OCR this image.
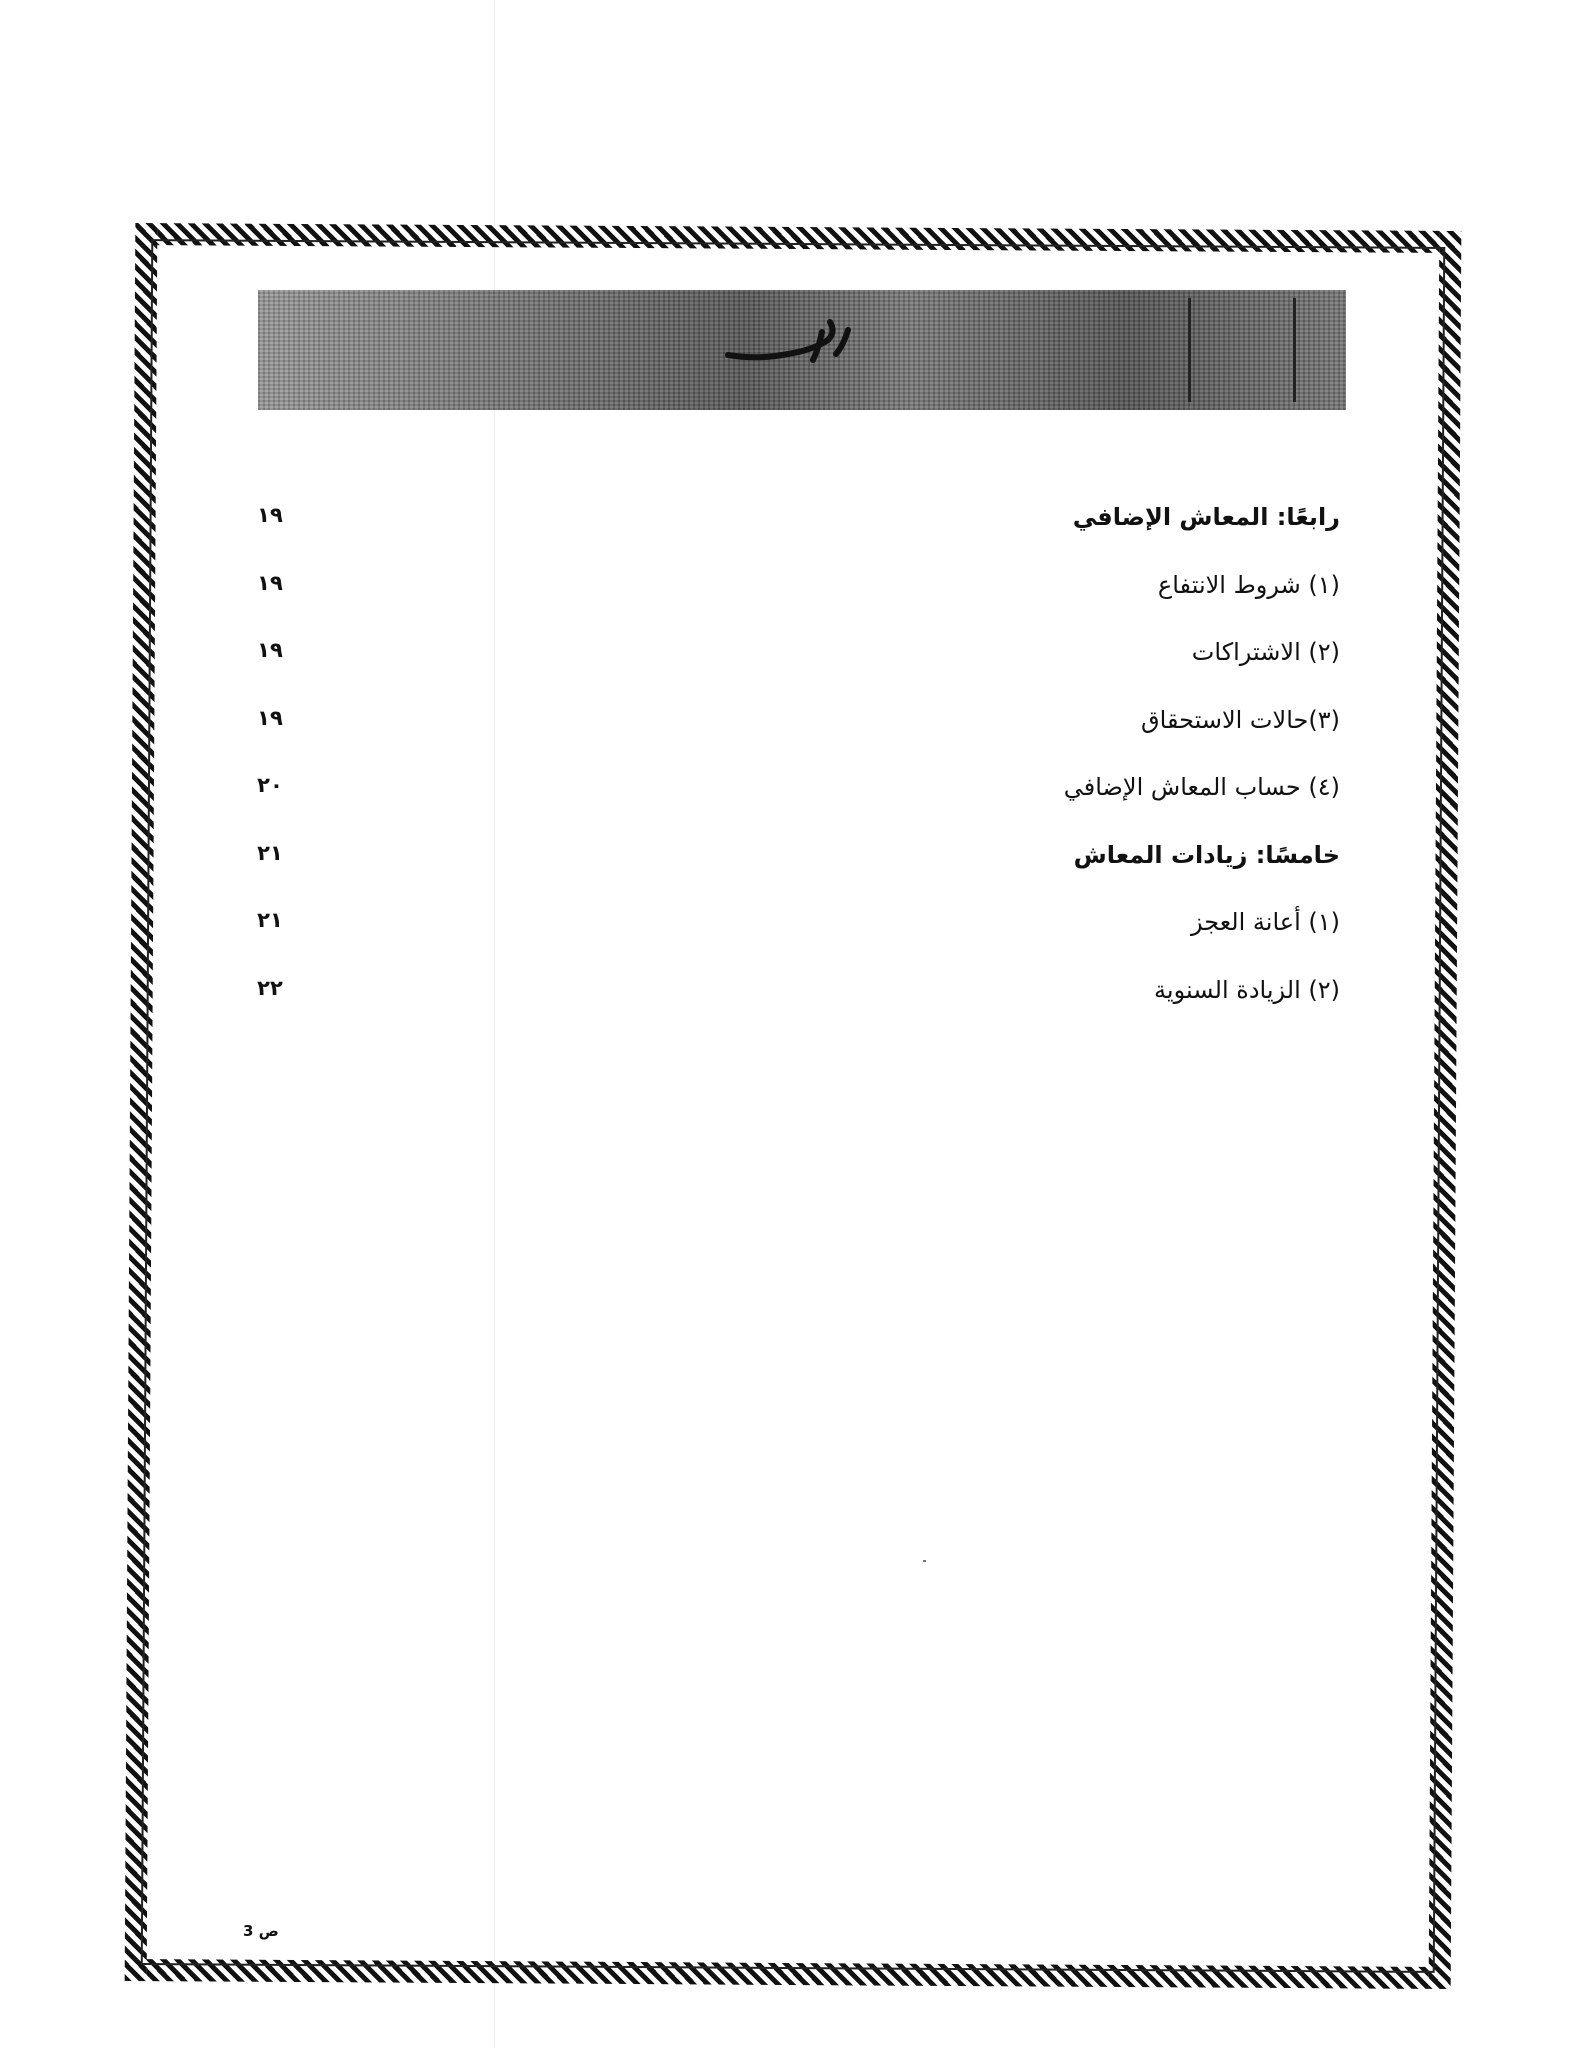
رابعًا: المعاش الإضافي
١٩
(١) شروط الانتفاع
١٩
(٢) الاشتراكات
١٩
(٣)حالات الاستحقاق
١٩
(٤) حساب المعاش الإضافي
٢٠
خامسًا: زيادات المعاش
٢١
(١) أعانة العجز
٢١
(٢) الزيادة السنوية
٢٢
ص 3
